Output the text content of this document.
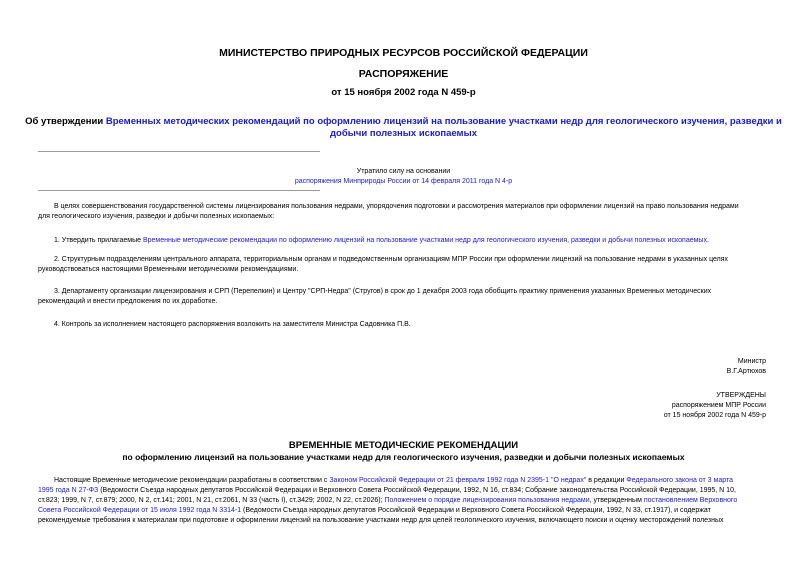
МИНИСТЕРСТВО ПРИРОДНЫХ РЕСУРСОВ РОССИЙСКОЙ ФЕДЕРАЦИИ
РАСПОРЯЖЕНИЕ
от 15 ноября 2002 года N 459-р
Об утверждении Временных методических рекомендаций по оформлению лицензий на пользование участками недр для геологического изучения, разведки и
добычи полезных ископаемых
Утратило силу на основании
распоряжения Минприроды России от 14 февраля 2011 года N 4-р
В целях совершенствования государственной системы лицензирования пользования недрами, упорядочения подготовки и рассмотрения материалов при оформлении лицензий на право пользования недрами
для геологического изучения, разведки и добычи полезных ископаемых:
1. Утвердить прилагаемые Временные методические рекомендации по оформлению лицензий на пользование участками недр для геологического изучения, разведки и добычи полезных ископаемых.
2. Структурным подразделениям центрального аппарата, территориальным органам и подведомственным организациям МПР России при оформлении лицензий на пользование недрами в указанных целях
руководствоваться настоящими Временными методическими рекомендациями.
3. Департаменту организации лицензирования и СРП (Перепелкин) и Центру "СРП-Недра" (Стругов) в срок до 1 декабря 2003 года обобщить практику применения указанных Временных методических
рекомендаций и внести предложения по их доработке.
4. Контроль за исполнением настоящего распоряжения возложить на заместителя Министра Садовника П.В.
Министр
В.Г.Артюхов
УТВЕРЖДЕНЫ
распоряжением МПР России
от 15 ноября 2002 года N 459-р
ВРЕМЕННЫЕ МЕТОДИЧЕСКИЕ РЕКОМЕНДАЦИИ
по оформлению лицензий на пользование участками недр для геологического изучения, разведки и добычи полезных ископаемых
Настоящие Временные методические рекомендации разработаны в соответствии с Законом Российской Федерации от 21 февраля 1992 года N 2395-1 "О недрах" в редакции Федерального закона от 3 марта
1995 года N 27-ФЗ (Ведомости Съезда народных депутатов Российской Федерации и Верховного Совета Российской Федерации, 1992, N 16, ст.834; Собрание законодательства Российской Федерации, 1995, N 10,
ст.823; 1999, N 7, ст.879; 2000, N 2, ст.141; 2001, N 21, ст.2061, N 33 (часть I), ст.3429; 2002, N 22, ст.2026); Положением о порядке лицензирования пользования недрами, утвержденным постановлением Верховного
Совета Российской Федерации от 15 июля 1992 года N 3314-1 (Ведомости Съезда народных депутатов Российской Федерации и Верховного Совета Российской Федерации, 1992, N 33, ст.1917), и содержат
рекомендуемые требования к материалам при подготовке и оформлении лицензий на пользование участками недр для целей геологического изучения, включающего поиски и оценку месторождений полезных
